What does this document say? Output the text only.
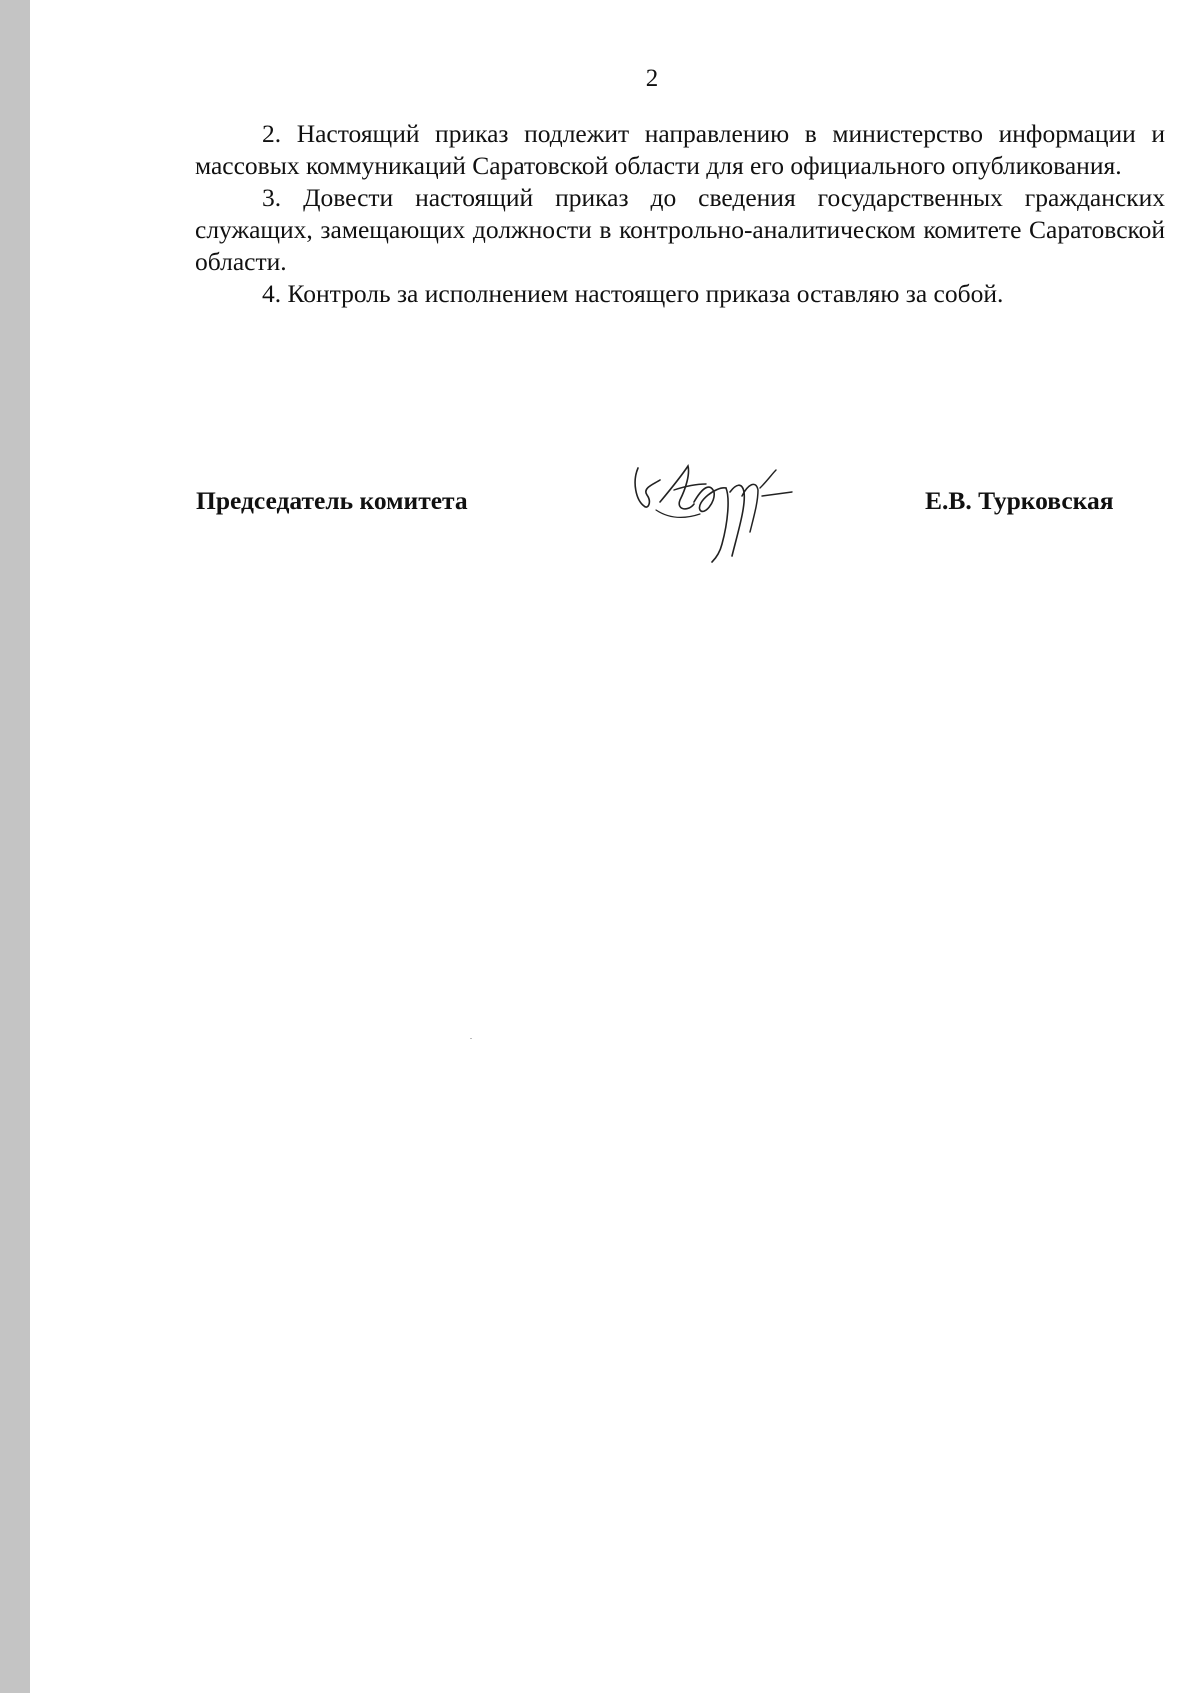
2

2. Настоящий приказ подлежит направлению в министерство информации и массовых коммуникаций Саратовской области для его официального опубликования.

3. Довести настоящий приказ до сведения государственных гражданских служащих, замещающих должности в контрольно-аналитическом комитете Саратовской области.

4. Контроль за исполнением настоящего приказа оставляю за собой.

Председатель комитета	Е.В. Турковская
